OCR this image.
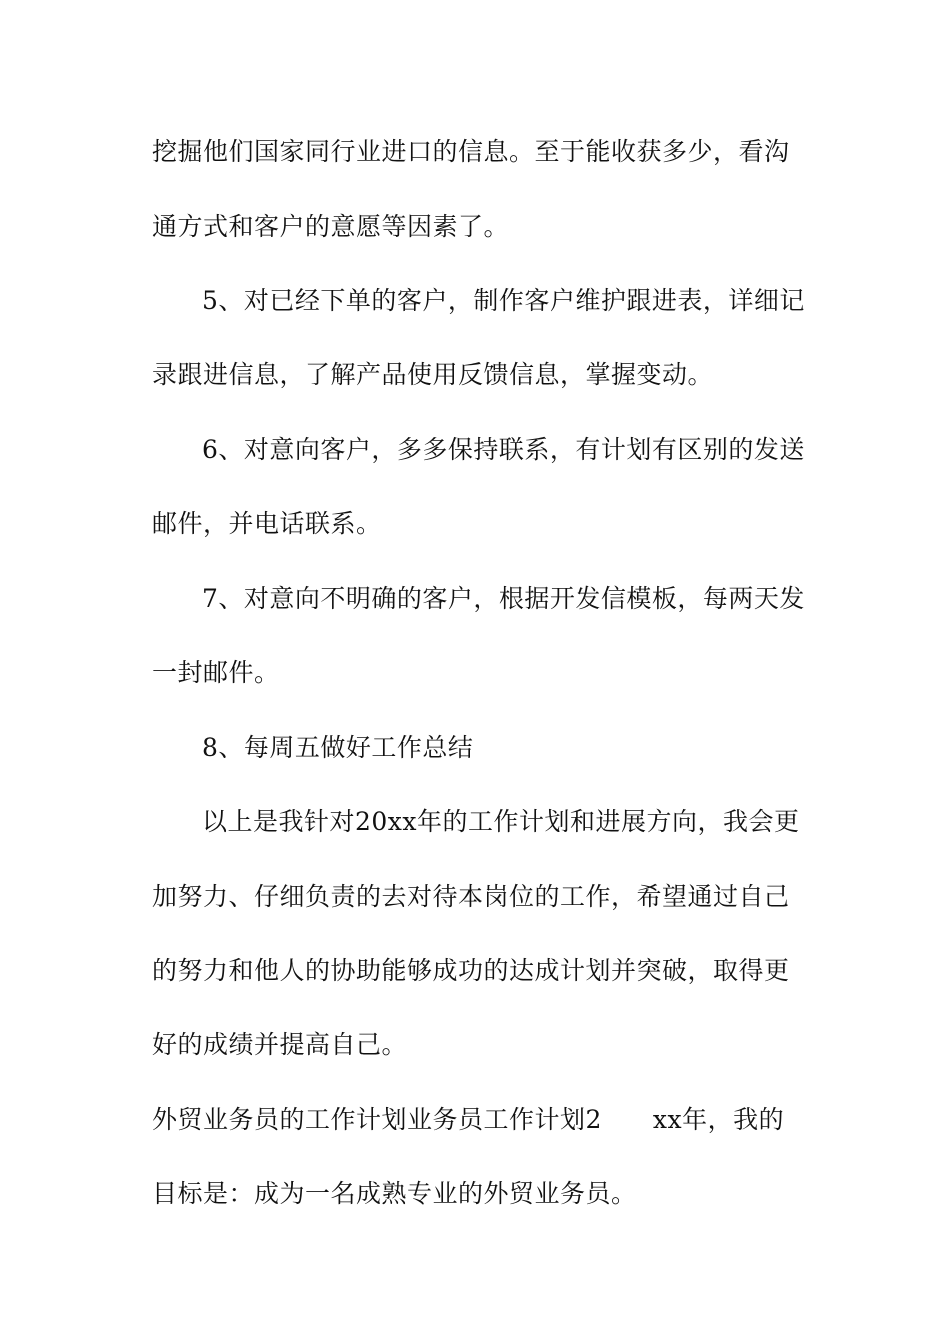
挖掘他们国家同行业进口的信息。至于能收获多少，看沟
通方式和客户的意愿等因素了。
5、对已经下单的客户，制作客户维护跟进表，详细记
录跟进信息，了解产品使用反馈信息，掌握变动。
6、对意向客户，多多保持联系，有计划有区别的发送
邮件，并电话联系。
7、对意向不明确的客户，根据开发信模板，每两天发
一封邮件。
8、每周五做好工作总结
以上是我针对20xx年的工作计划和进展方向，我会更
加努力、仔细负责的去对待本岗位的工作，希望通过自己
的努力和他人的协助能够成功的达成计划并突破，取得更
好的成绩并提高自己。
外贸业务员的工作计划业务员工作计划2　　xx年，我的
目标是：成为一名成熟专业的外贸业务员。
